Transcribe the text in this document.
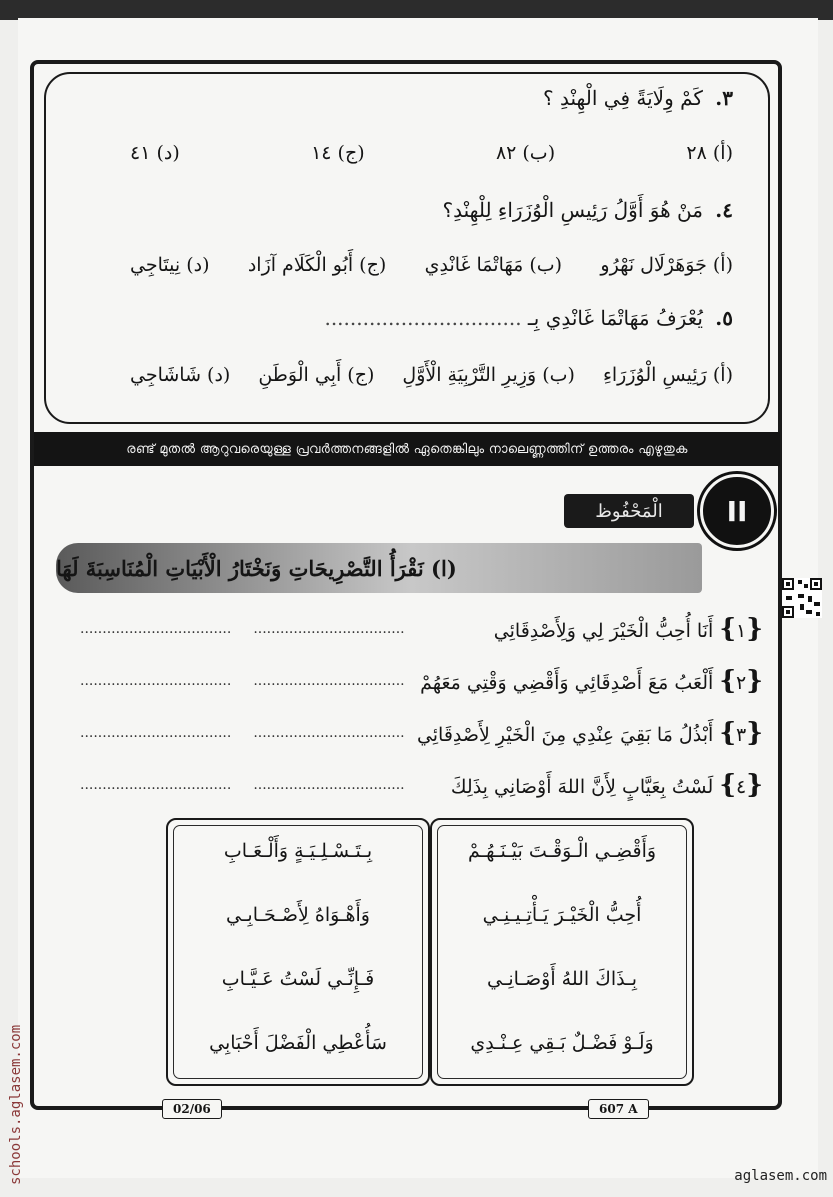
٣. كَمْ وِلَايَةً فِي الْهِنْدِ ؟
(أ) ٢٨
(ب) ٨٢
(ج) ١٤
(د) ٤١
٤. مَنْ هُوَ أَوَّلُ رَئِيسِ الْوُزَرَاءِ لِلْهِنْدِ؟
(أ) جَوَهَرْلَال نَهْرُو
(ب) مَهَاتْمَا غَانْدِي
(ج) أَبُو الْكَلَام آزَاد
(د) نِيتَاجِي
٥. يُعْرَفُ مَهَاتْمَا غَانْدِي بِـ ...............................
(أ) رَئِيسِ الْوُزَرَاءِ
(ب) وَزِيرِ التَّرْبِيَةِ الْأَوَّلِ
(ج) أَبِي الْوَطَنِ
(د) شَاشَاجِي
രണ്ട് മുതൽ ആറുവരെയുള്ള പ്രവർത്തനങ്ങളിൽ ഏതെങ്കിലും നാലെണ്ണത്തിന് ഉത്തരം എഴുതുക
الْمَحْفُوظ	II
(ا) نَقْرَأُ التَّصْرِيحَاتِ وَنَخْتَارُ الْأَبْيَاتِ الْمُنَاسِبَةَ لَهَا
.................................. ..................................	{١} أَنَا أُحِبُّ الْخَيْرَ لِي وَلِأَصْدِقَائِي
.................................. ..................................	{٢} أَلْعَبُ مَعَ أَصْدِقَائِي وَأَقْضِي وَقْتِي مَعَهُمْ
.................................. ..................................	{٣} أَبْذُلُ مَا بَقِيَ عِنْدِي مِنَ الْخَيْرِ لِأَصْدِقَائِي
.................................. ..................................	{٤} لَسْتُ بِعَيَّابٍ لِأَنَّ اللهَ أَوْصَانِي بِذَلِكَ
وَأَقْضِـي الْـوَقْـتَ بَيْـنَـهُـمْ
أُحِبُّ الْخَيْـرَ يَـأْتِـيـنِـي
بِـذَاكَ اللهُ أَوْصَـانِـي
وَلَـوْ فَضْـلٌ بَـقِي عِـنْـدِي
بِـتَـسْـلِـيَـةٍ وَأَلْـعَـابِ
وَأَهْـوَاهُ لِأَصْـحَـابِـي
فَـإِنِّـي لَسْتُ عَـيَّـابِ
سَأُعْطِي الْفَضْلَ أَحْبَابِي
02/06	607 A
schools.aglasem.com	aglasem.com
